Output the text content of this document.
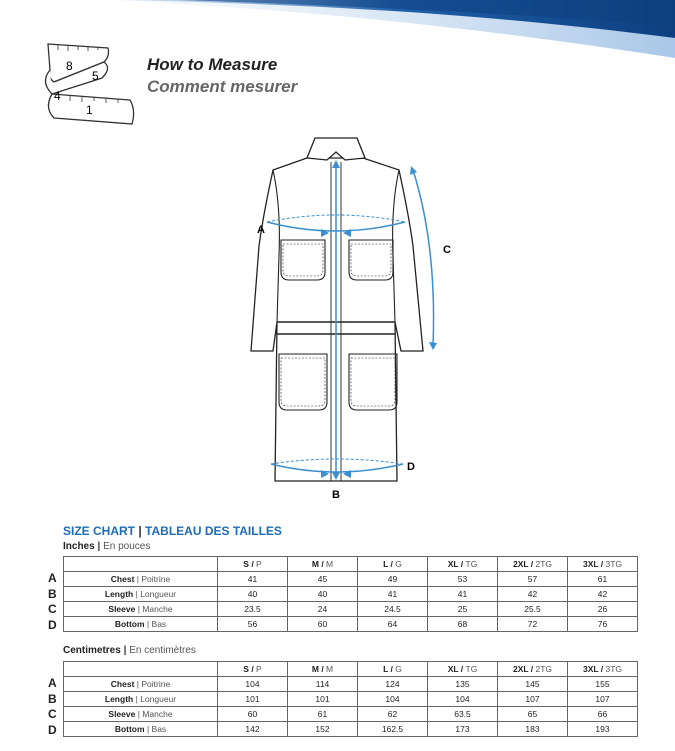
8
5
4
1
How to Measure
Comment mesurer
A
B
C
D
SIZE CHART | TABLEAU DES TAILLES
Inches | En pouces
A
B
C
D
	S / P	M / M	L / G	XL / TG	2XL / 2TG	3XL / 3TG
Chest | Poitrine	41	45	49	53	57	61
Length | Longueur	40	40	41	41	42	42
Sleeve | Manche	23.5	24	24.5	25	25.5	26
Bottom | Bas	56	60	64	68	72	76
Centimetres | En centimètres
A
B
C
D
	S / P	M / M	L / G	XL / TG	2XL / 2TG	3XL / 3TG
Chest | Poitrine	104	114	124	135	145	155
Length | Longueur	101	101	104	104	107	107
Sleeve | Manche	60	61	62	63.5	65	66
Bottom | Bas	142	152	162.5	173	183	193
